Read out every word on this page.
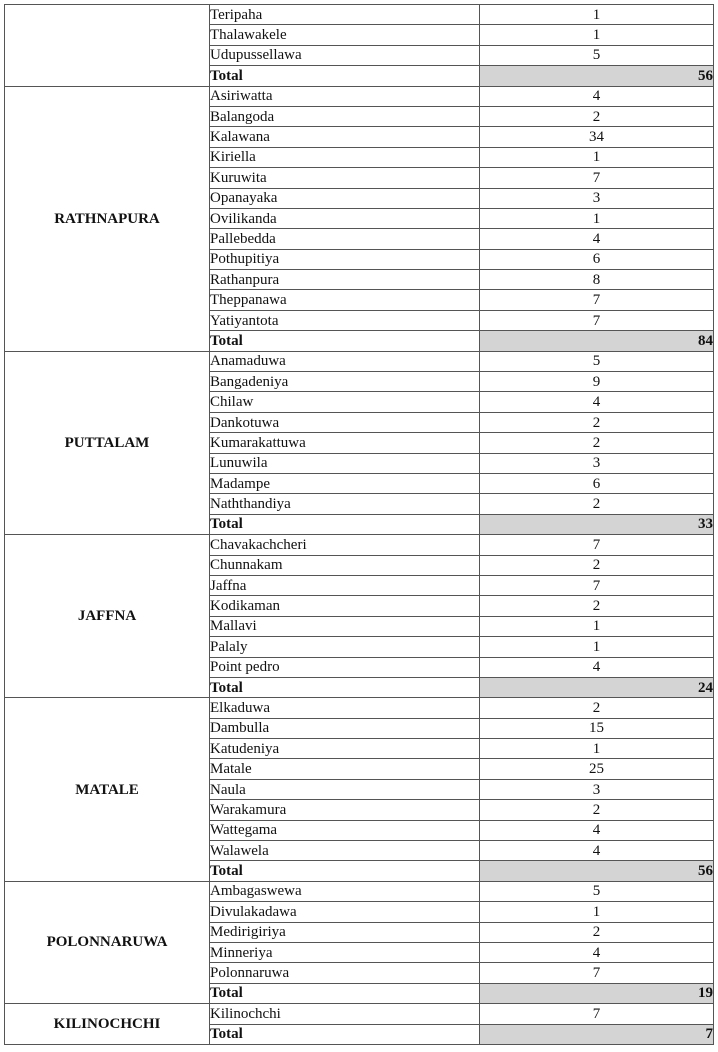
	Teripaha	1
	Thalawakele	1
	Udupussellawa	5
	Total	56
RATHNAPURA	Asiriwatta	4
	Balangoda	2
	Kalawana	34
	Kiriella	1
	Kuruwita	7
	Opanayaka	3
	Ovilikanda	1
	Pallebedda	4
	Pothupitiya	6
	Rathanpura	8
	Theppanawa	7
	Yatiyantota	7
	Total	84
PUTTALAM	Anamaduwa	5
	Bangadeniya	9
	Chilaw	4
	Dankotuwa	2
	Kumarakattuwa	2
	Lunuwila	3
	Madampe	6
	Naththandiya	2
	Total	33
JAFFNA	Chavakachcheri	7
	Chunnakam	2
	Jaffna	7
	Kodikaman	2
	Mallavi	1
	Palaly	1
	Point pedro	4
	Total	24
MATALE	Elkaduwa	2
	Dambulla	15
	Katudeniya	1
	Matale	25
	Naula	3
	Warakamura	2
	Wattegama	4
	Walawela	4
	Total	56
POLONNARUWA	Ambagaswewa	5
	Divulakadawa	1
	Medirigiriya	2
	Minneriya	4
	Polonnaruwa	7
	Total	19
KILINOCHCHI	Kilinochchi	7
	Total	7
